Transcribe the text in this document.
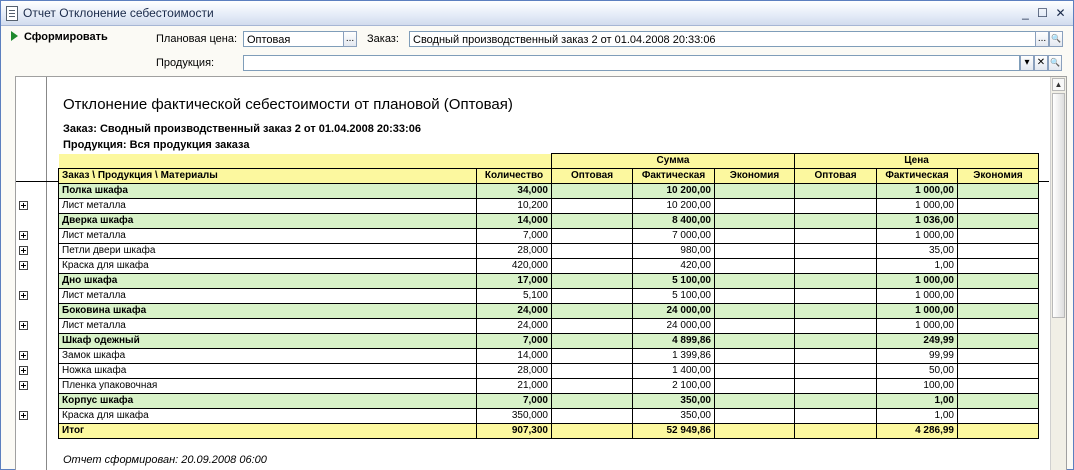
Отчет Отклонение себестоимости	_ ☐ ✕
Сформировать	Плановая цена: Оптовая	... Заказ:	Сводный производственный заказ 2 от 01.04.2008 20:33:06	... 🔍
Продукция:	▾ ✕ 🔍
▲
Отклонение фактической себестоимости от плановой (Оптовая)
Заказ: Сводный производственный заказ 2 от 01.04.2008 20:33:06
Продукция: Вся продукция заказа
		Сумма			Цена		
Заказ \ Продукция \ Материалы	Количество	Оптовая	Фактическая	Экономия	Оптовая	Фактическая	Экономия
Полка шкафа	34,000		10 200,00			1 000,00	
Лист металла	10,200		10 200,00			1 000,00	
Дверка шкафа	14,000		8 400,00			1 036,00	
Лист металла	7,000		7 000,00			1 000,00	
Петли двери шкафа	28,000		980,00			35,00	
Краска для шкафа	420,000		420,00			1,00	
Дно шкафа	17,000		5 100,00			1 000,00	
Лист металла	5,100		5 100,00			1 000,00	
Боковина шкафа	24,000		24 000,00			1 000,00	
Лист металла	24,000		24 000,00			1 000,00	
Шкаф одежный	7,000		4 899,86			249,99	
Замок шкафа	14,000		1 399,86			99,99	
Ножка шкафа	28,000		1 400,00			50,00	
Пленка упаковочная	21,000		2 100,00			100,00	
Корпус шкафа	7,000		350,00			1,00	
Краска для шкафа	350,000		350,00			1,00	
Итог	907,300		52 949,86			4 286,99	
Отчет сформирован: 20.09.2008 06:00
